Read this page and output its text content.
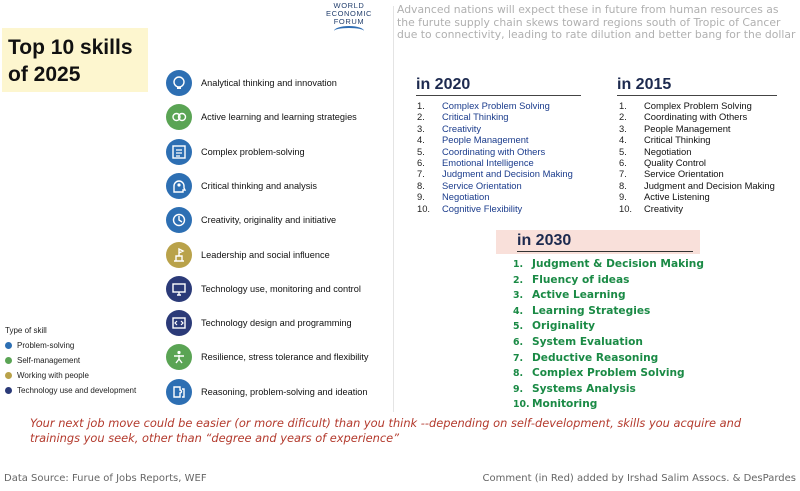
Top 10 skills
of 2025
WORLD
ECONOMIC
FORUM
Advanced nations will expect these in future from human resources as the furute supply chain skews toward regions south of Tropic of Cancer due to connectivity, leading to rate dilution and better bang for the dollar
Analytical thinking and innovation
Active learning and learning strategies
Complex problem-solving
Critical thinking and analysis
Creativity, originality and initiative
Leadership and social influence
Technology use, monitoring and control
Technology design and programming
Resilience, stress tolerance and flexibility
Reasoning, problem-solving and ideation
Type of skill
Problem-solving
Self-management
Working with people
Technology use and development
in 2020
1.	Complex Problem Solving
2.	Critical Thinking
3.	Creativity
4.	People Management
5.	Coordinating with Others
6.	Emotional Intelligence
7.	Judgment and Decision Making
8.	Service Orientation
9.	Negotiation
10.	Cognitive Flexibility
in 2015
1.	Complex Problem Solving
2.	Coordinating with Others
3.	People Management
4.	Critical Thinking
5.	Negotiation
6.	Quality Control
7.	Service Orientation
8.	Judgment and Decision Making
9.	Active Listening
10.	Creativity
in 2030
1. Judgment & Decision Making
2. Fluency of ideas
3. Active Learning
4. Learning Strategies
5. Originality
6. System Evaluation
7. Deductive Reasoning
8. Complex Problem Solving
9. Systems Analysis
10. Monitoring
Your next job move could be easier (or more dificult) than you think --depending on self-development, skills you acquire and trainings you seek, other than “degree and years of experience”
Data Source: Furue of Jobs Reports, WEF	Comment (in Red) added by Irshad Salim Assocs. & DesPardes
